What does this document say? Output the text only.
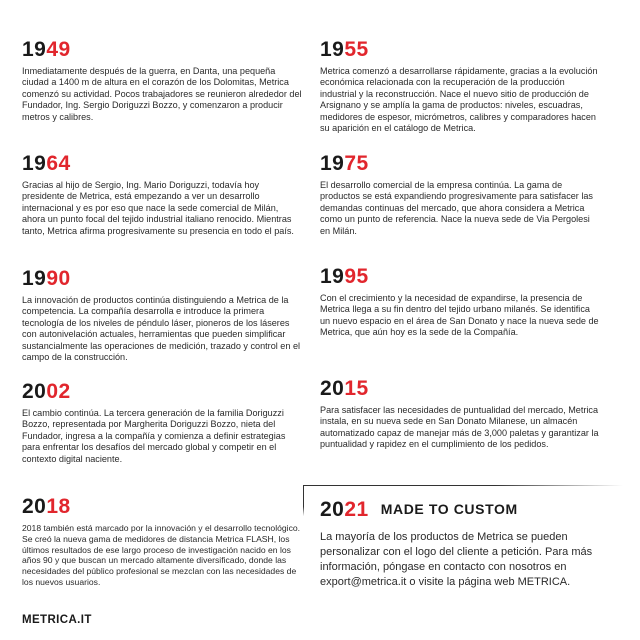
1949

Inmediatamente después de la guerra, en Danta, una pequeña ciudad a 1400 m de altura en el corazón de los Dolomitas, Metrica comenzó su actividad. Pocos trabajadores se reunieron alrededor del Fundador, Ing. Sergio Doriguzzi Bozzo, y comenzaron a producir metros y calibres.

1955

Metrica comenzó a desarrollarse rápidamente, gracias a la evolución económica relacionada con la recuperación de la producción industrial y la reconstrucción. Nace el nuevo sitio de producción de Arsignano y se amplía la gama de productos: niveles, escuadras, medidores de espesor, micrómetros, calibres y comparadores hacen su aparición en el catálogo de Metrica.

1964

Gracias al hijo de Sergio, Ing. Mario Doriguzzi, todavía hoy presidente de Metrica, está empezando a ver un desarrollo internacional y es por eso que nace la sede comercial de Milán, ahora un punto focal del tejido industrial italiano renocido. Mientras tanto, Metrica afirma progresivamente su presencia en todo el país.

1975

El desarrollo comercial de la empresa continúa. La gama de productos se está expandiendo progresivamente para satisfacer las demandas continuas del mercado, que ahora considera a Metrica como un punto de referencia. Nace la nueva sede de Via Pergolesi en Milán.

1990

La innovación de productos continúa distinguiendo a Metrica de la competencia. La compañía desarrolla e introduce la primera tecnología de los niveles de péndulo láser, pioneros de los láseres con autonivelación actuales, herramientas que pueden simplificar sustancialmente las operaciones de medición, trazado y control en el campo de la construcción.

1995

Con el crecimiento y la necesidad de expandirse, la presencia de Metrica llega a su fin dentro del tejido urbano milanés. Se identifica un nuevo espacio en el área de San Donato y nace la nueva sede de Metrica, que aún hoy es la sede de la Compañía.

2002

El cambio continúa. La tercera generación de la familia Doriguzzi Bozzo, representada por Margherita Doriguzzi Bozzo, nieta del Fundador, ingresa a la compañía y comienza a definir estrategias para enfrentar los desafíos del mercado global y competir en el contexto digital naciente.

2015

Para satisfacer las necesidades de puntualidad del mercado, Metrica instala, en su nueva sede en San Donato Milanese, un almacén automatizado capaz de manejar más de 3,000 paletas y garantizar la puntualidad y rapidez en el cumplimiento de los pedidos.

2018

2018 también está marcado por la innovación y el desarrollo tecnológico. Se creó la nueva gama de medidores de distancia Metrica FLASH, los últimos resultados de ese largo proceso de investigación nacido en los años 90 y que buscan un mercado altamente diversificado, donde las necesidades del público profesional se mezclan con las necesidades de los nuevos usuarios.

2021 MADE TO CUSTOM

La mayoría de los productos de Metrica se pueden personalizar con el logo del cliente a petición. Para más información, póngase en contacto con nosotros en export@metrica.it o visite la página web METRICA.

METRICA.IT
